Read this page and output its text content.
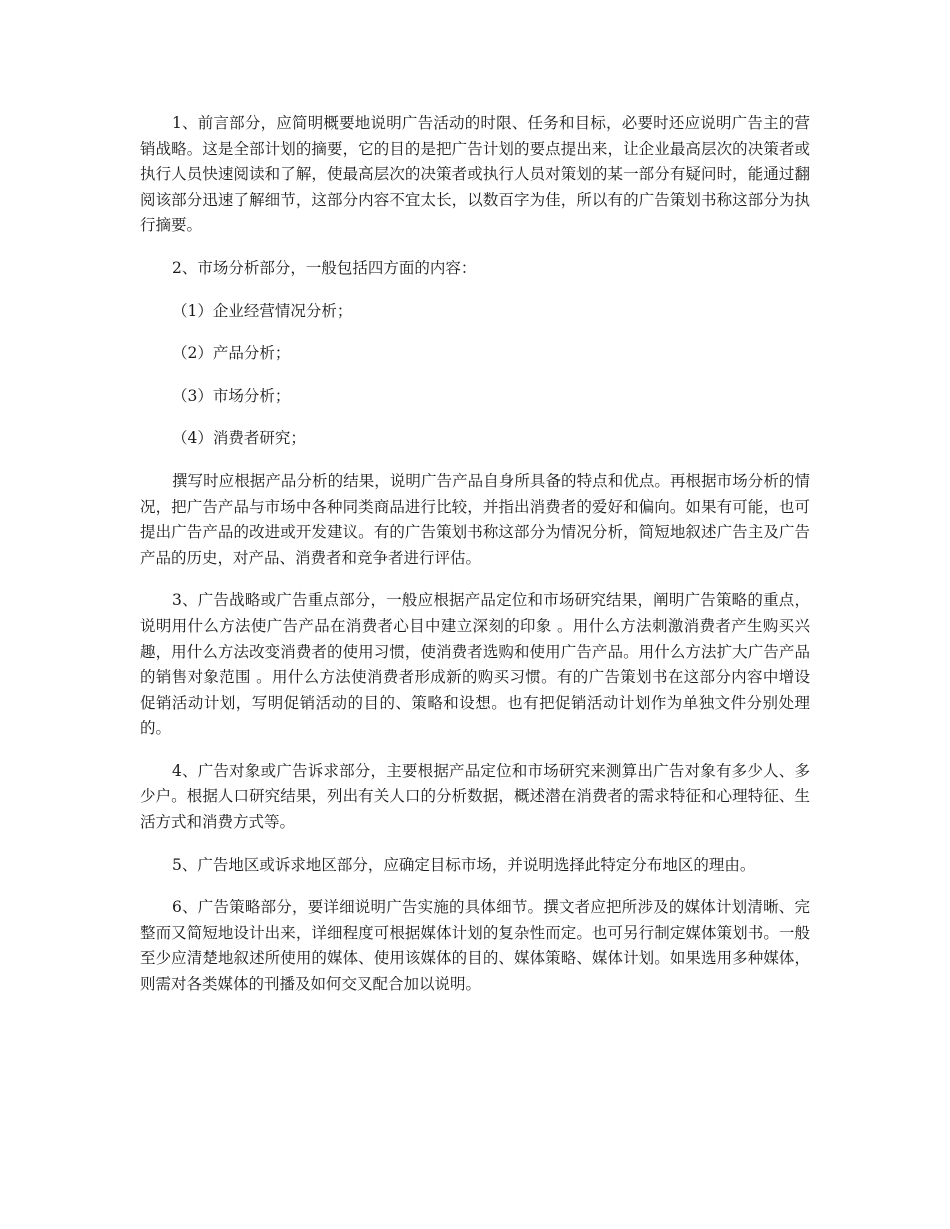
1、前言部分，应简明概要地说明广告活动的时限、任务和目标，必要时还应说明广告主的营销战略。这是全部计划的摘要，它的目的是把广告计划的要点提出来，让企业最高层次的决策者或执行人员快速阅读和了解，使最高层次的决策者或执行人员对策划的某一部分有疑问时，能通过翻阅该部分迅速了解细节，这部分内容不宜太长，以数百字为佳，所以有的广告策划书称这部分为执行摘要。

2、市场分析部分，一般包括四方面的内容：

（1）企业经营情况分析；

（2）产品分析；

（3）市场分析；

（4）消费者研究；

撰写时应根据产品分析的结果，说明广告产品自身所具备的特点和优点。再根据市场分析的情况，把广告产品与市场中各种同类商品进行比较，并指出消费者的爱好和偏向。如果有可能，也可提出广告产品的改进或开发建议。有的广告策划书称这部分为情况分析，简短地叙述广告主及广告产品的历史，对产品、消费者和竞争者进行评估。

3、广告战略或广告重点部分，一般应根据产品定位和市场研究结果，阐明广告策略的重点，说明用什么方法使广告产品在消费者心目中建立深刻的印象 。用什么方法刺激消费者产生购买兴趣，用什么方法改变消费者的使用习惯，使消费者选购和使用广告产品。用什么方法扩大广告产品的销售对象范围 。用什么方法使消费者形成新的购买习惯。有的广告策划书在这部分内容中增设促销活动计划，写明促销活动的目的、策略和设想。也有把促销活动计划作为单独文件分别处理的。

4、广告对象或广告诉求部分，主要根据产品定位和市场研究来测算出广告对象有多少人、多少户。根据人口研究结果，列出有关人口的分析数据，概述潜在消费者的需求特征和心理特征、生活方式和消费方式等。

5、广告地区或诉求地区部分，应确定目标市场，并说明选择此特定分布地区的理由。

6、广告策略部分，要详细说明广告实施的具体细节。撰文者应把所涉及的媒体计划清晰、完整而又简短地设计出来，详细程度可根据媒体计划的复杂性而定。也可另行制定媒体策划书。一般至少应清楚地叙述所使用的媒体、使用该媒体的目的、媒体策略、媒体计划。如果选用多种媒体，则需对各类媒体的刊播及如何交叉配合加以说明。
